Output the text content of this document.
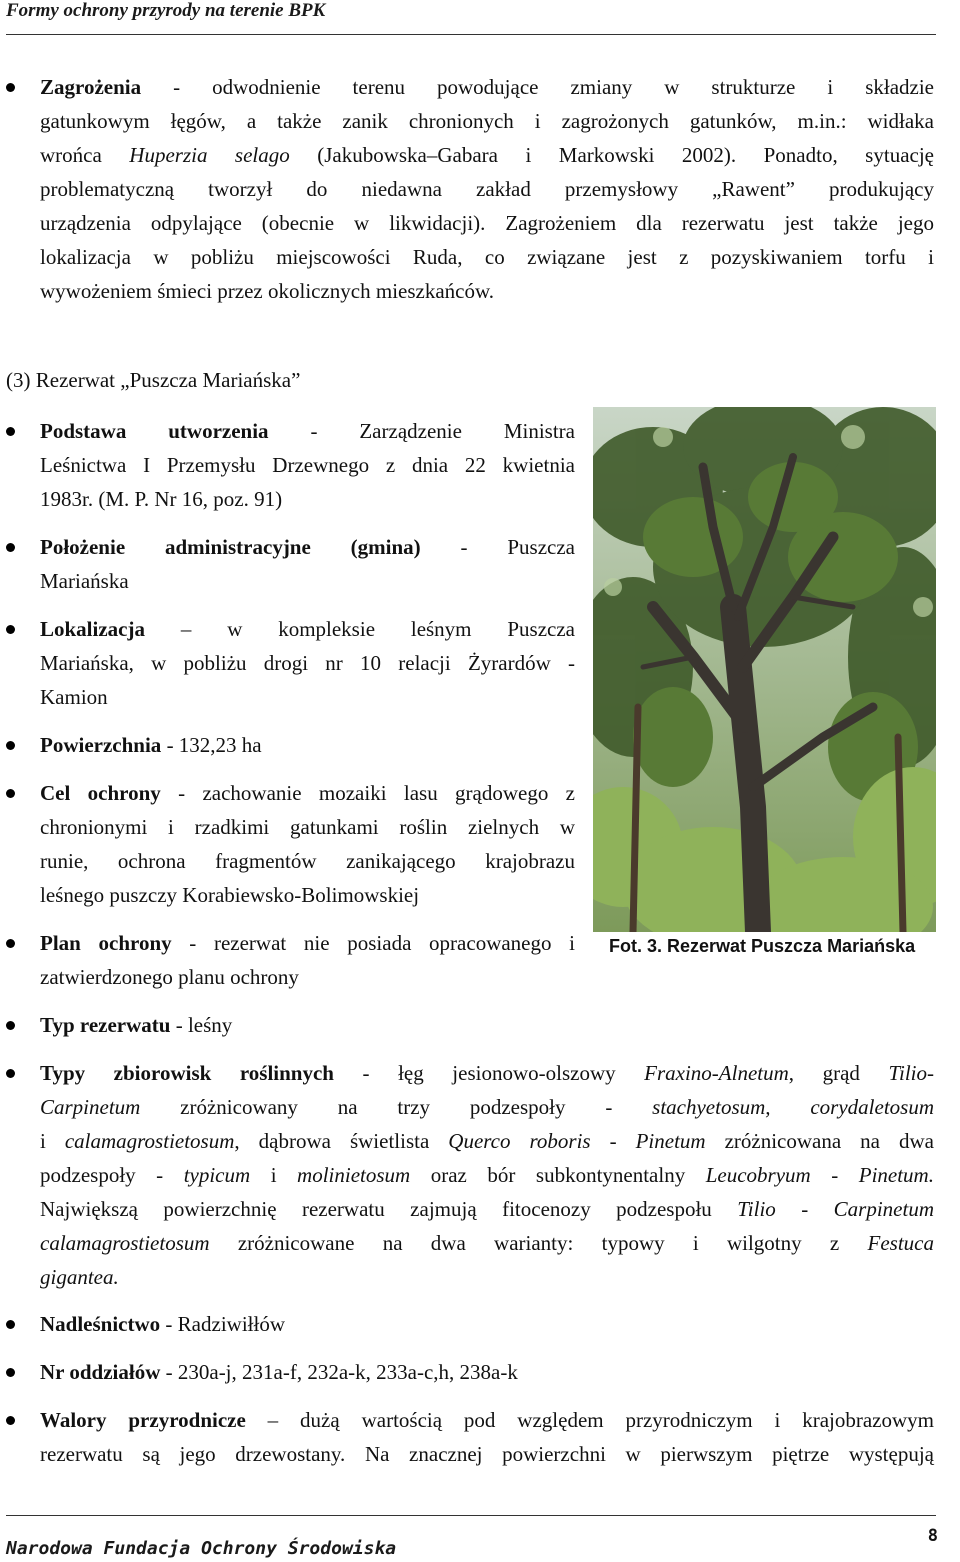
Formy ochrony przyrody na terenie BPK
Zagrożenia - odwodnienie terenu powodujące zmiany w strukturze i składzie
gatunkowym łęgów, a także zanik chronionych i zagrożonych gatunków, m.in.: widłaka
wrońca Huperzia selago (Jakubowska–Gabara i Markowski 2002). Ponadto, sytuację
problematyczną tworzył do niedawna zakład przemysłowy „Rawent” produkujący
urządzenia odpylające (obecnie w likwidacji). Zagrożeniem dla rezerwatu jest także jego
lokalizacja w pobliżu miejscowości Ruda, co związane jest z pozyskiwaniem torfu i
wywożeniem śmieci przez okolicznych mieszkańców.
(3) Rezerwat „Puszcza Mariańska”
Fot. 3. Rezerwat Puszcza Mariańska
Podstawa utworzenia - Zarządzenie Ministra
Leśnictwa I Przemysłu Drzewnego z dnia 22 kwietnia
1983r. (M. P. Nr 16, poz. 91)
Położenie administracyjne (gmina) - Puszcza
Mariańska
Lokalizacja – w kompleksie leśnym Puszcza
Mariańska, w pobliżu drogi nr 10 relacji Żyrardów -
Kamion
Powierzchnia - 132,23 ha
Cel ochrony - zachowanie mozaiki lasu grądowego z
chronionymi i rzadkimi gatunkami roślin zielnych w
runie, ochrona fragmentów zanikającego krajobrazu
leśnego puszczy Korabiewsko-Bolimowskiej
Plan ochrony - rezerwat nie posiada opracowanego i
zatwierdzonego planu ochrony
Typ rezerwatu - leśny
Typy zbiorowisk roślinnych - łęg jesionowo-olszowy Fraxino-Alnetum, grąd Tilio-
Carpinetum zróżnicowany na trzy podzespoły - stachyetosum, corydaletosum
i calamagrostietosum, dąbrowa świetlista Querco roboris - Pinetum zróżnicowana na dwa
podzespoły - typicum i molinietosum oraz bór subkontynentalny Leucobryum - Pinetum.
Największą powierzchnię rezerwatu zajmują fitocenozy podzespołu Tilio - Carpinetum
calamagrostietosum zróżnicowane na dwa warianty: typowy i wilgotny z Festuca
gigantea.
Nadleśnictwo - Radziwiłłów
Nr oddziałów - 230a-j, 231a-f, 232a-k, 233a-c,h, 238a-k
Walory przyrodnicze – dużą wartością pod względem przyrodniczym i krajobrazowym
rezerwatu są jego drzewostany. Na znacznej powierzchni w pierwszym piętrze występują
Narodowa Fundacja Ochrony Środowiska
8
